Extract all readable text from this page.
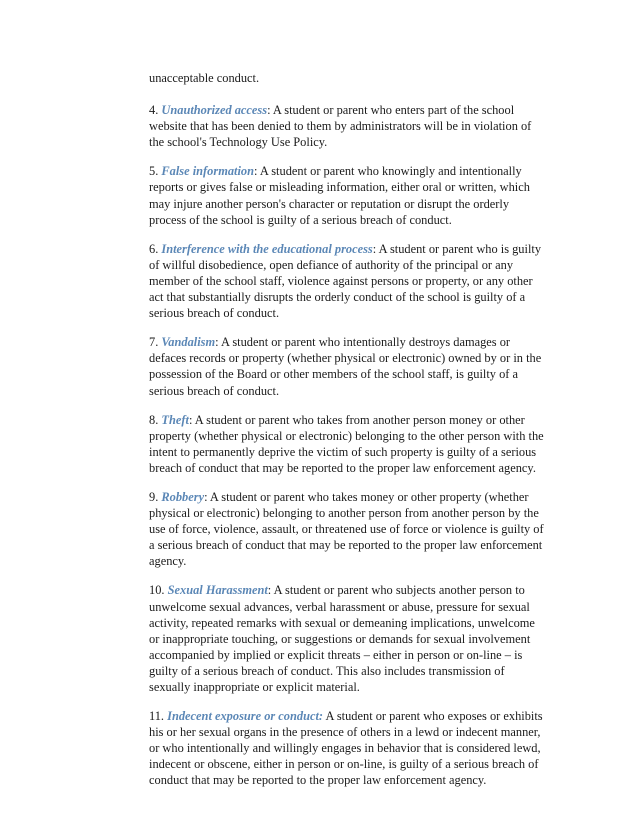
unacceptable conduct.

4. Unauthorized access: A student or parent who enters part of the school website that has been denied to them by administrators will be in violation of the school's Technology Use Policy.

5. False information: A student or parent who knowingly and intentionally reports or gives false or misleading information, either oral or written, which may injure another person's character or reputation or disrupt the orderly process of the school is guilty of a serious breach of conduct.

6. Interference with the educational process: A student or parent who is guilty of willful disobedience, open defiance of authority of the principal or any member of the school staff, violence against persons or property, or any other act that substantially disrupts the orderly conduct of the school is guilty of a serious breach of conduct.

7. Vandalism: A student or parent who intentionally destroys damages or defaces records or property (whether physical or electronic) owned by or in the possession of the Board or other members of the school staff, is guilty of a serious breach of conduct.

8. Theft: A student or parent who takes from another person money or other property (whether physical or electronic) belonging to the other person with the intent to permanently deprive the victim of such property is guilty of a serious breach of conduct that may be reported to the proper law enforcement agency.

9. Robbery: A student or parent who takes money or other property (whether physical or electronic) belonging to another person from another person by the use of force, violence, assault, or threatened use of force or violence is guilty of a serious breach of conduct that may be reported to the proper law enforcement agency.

10. Sexual Harassment: A student or parent who subjects another person to unwelcome sexual advances, verbal harassment or abuse, pressure for sexual activity, repeated remarks with sexual or demeaning implications, unwelcome or inappropriate touching, or suggestions or demands for sexual involvement accompanied by implied or explicit threats – either in person or on-line – is guilty of a serious breach of conduct. This also includes transmission of sexually inappropriate or explicit material.

11. Indecent exposure or conduct: A student or parent who exposes or exhibits his or her sexual organs in the presence of others in a lewd or indecent manner, or who intentionally and willingly engages in behavior that is considered lewd, indecent or obscene, either in person or on-line, is guilty of a serious breach of conduct that may be reported to the proper law enforcement agency.
